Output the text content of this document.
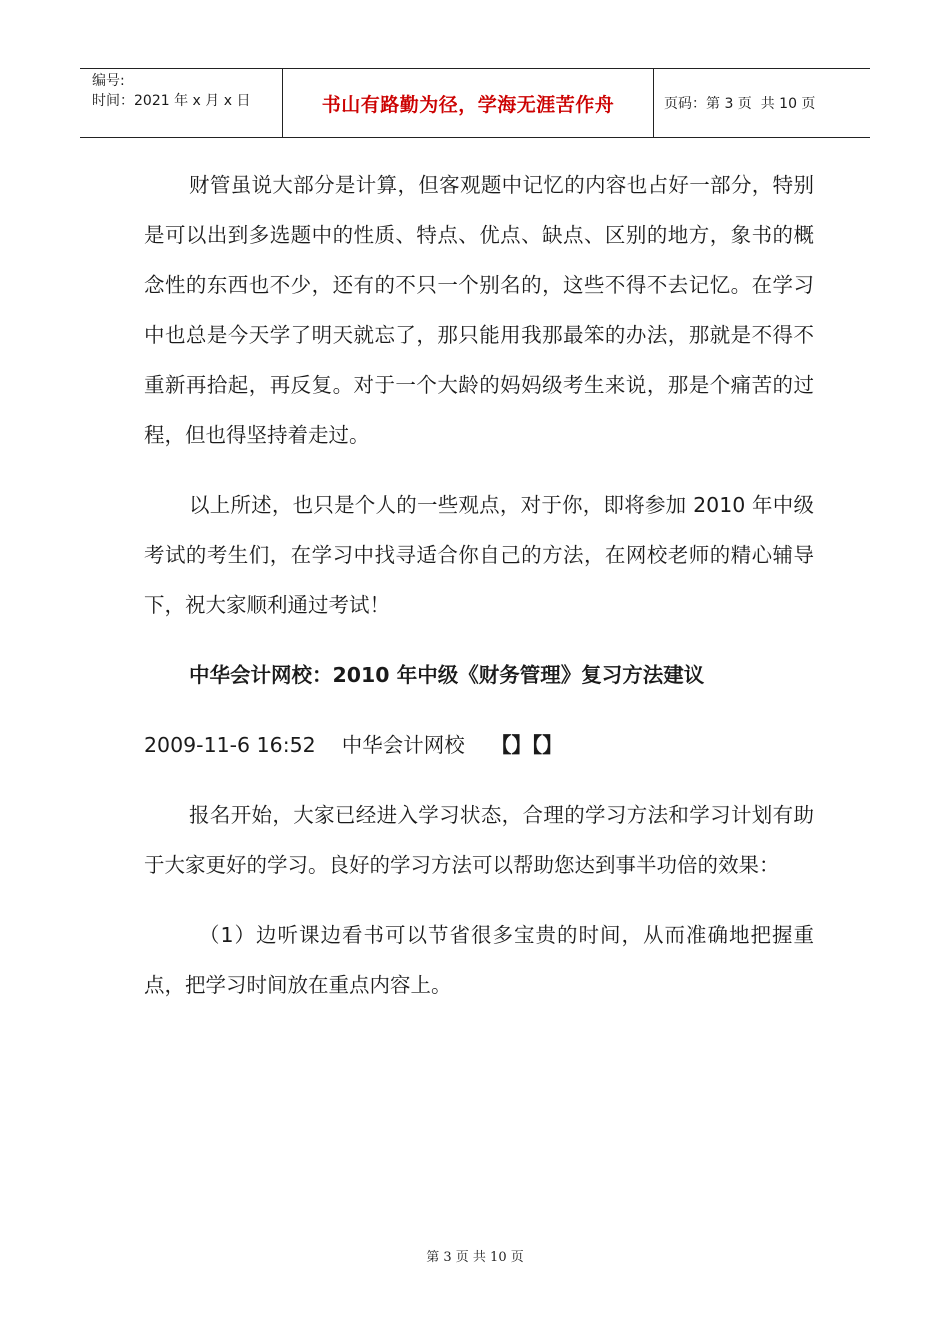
编号:
时间：2021 年 x 月 x 日	书山有路勤为径，学海无涯苦作舟	页码：第 3 页  共 10 页

财管虽说大部分是计算，但客观题中记忆的内容也占好一部分，特别是可以出到多选题中的性质、特点、优点、缺点、区别的地方，象书的概念性的东西也不少，还有的不只一个别名的，这些不得不去记忆。在学习中也总是今天学了明天就忘了，那只能用我那最笨的办法，那就是不得不重新再拾起，再反复。对于一个大龄的妈妈级考生来说，那是个痛苦的过程，但也得坚持着走过。

以上所述，也只是个人的一些观点，对于你，即将参加 2010 年中级考试的考生们，在学习中找寻适合你自己的方法，在网校老师的精心辅导下，祝大家顺利通过考试！

中华会计网校：2010 年中级《财务管理》复习方法建议

2009-11-6 16:52 中华会计网校 【】【】

报名开始，大家已经进入学习状态，合理的学习方法和学习计划有助于大家更好的学习。良好的学习方法可以帮助您达到事半功倍的效果：

（1）边听课边看书可以节省很多宝贵的时间，从而准确地把握重点，把学习时间放在重点内容上。

第 3 页 共 10 页
